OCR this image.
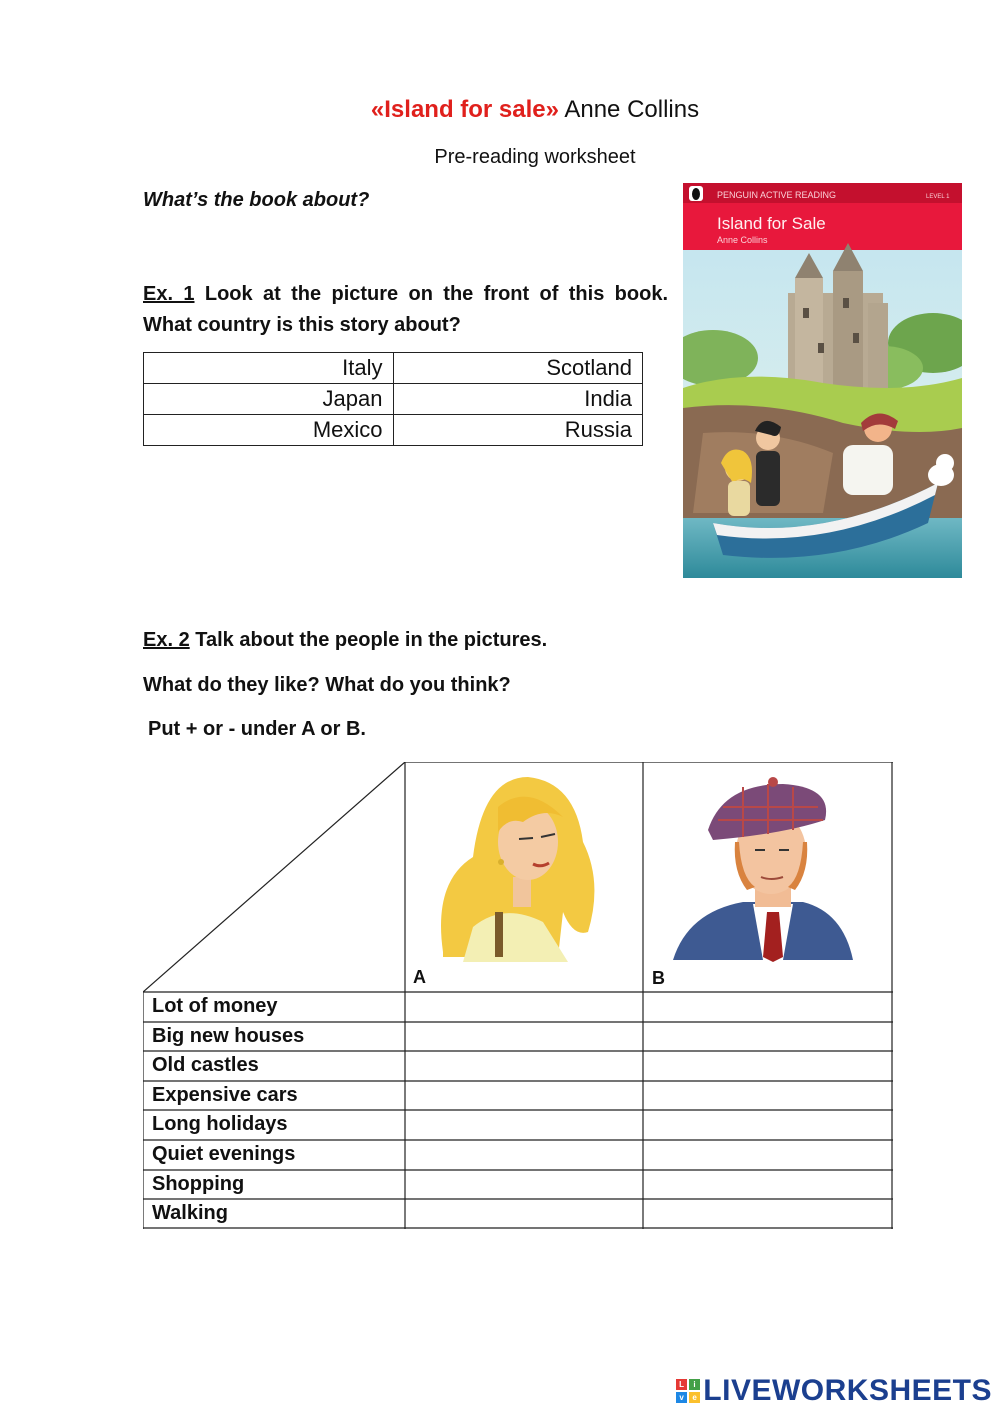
«Island for sale» Anne Collins
Pre-reading worksheet
What’s the book about?
Ex. 1 Look at the picture on the front of this book. What country is this story about?
Italy	Scotland
Japan	India
Mexico	Russia
PENGUIN ACTIVE READING	LEVEL 1
Island for Sale
Anne Collins
Ex. 2 Talk about the people in the pictures.
What do they like? What do you think?
Put + or - under A or B.
A	B
Lot of money
Big new houses
Old castles
Expensive cars
Long holidays
Quiet evenings
Shopping
Walking
L	i
v	e LIVEWORKSHEETS
